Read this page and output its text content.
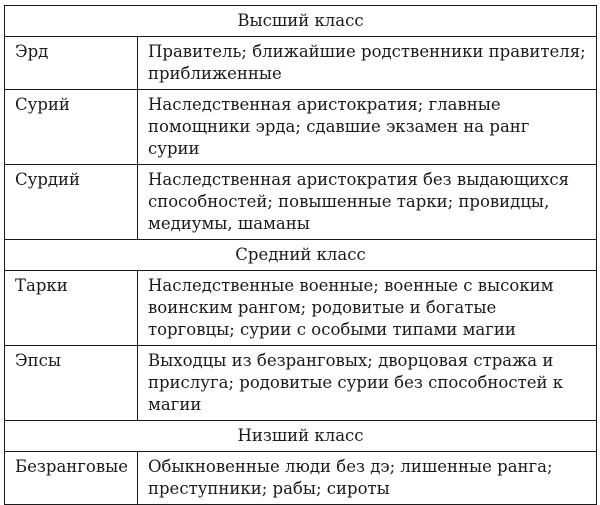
Высший класс	
Эрд	Правитель; ближайшие родственники правителя; приближенные
Сурий	Наследственная аристократия; главные помощники эрда; сдавшие экзамен на ранг сурии
Сурдий	Наследственная аристократия без выдающихся способностей; повышенные тарки; провидцы, медиумы, шаманы
Средний класс	
Тарки	Наследственные военные; военные с высоким воинским рангом; родовитые и богатые торговцы; сурии с особыми типами магии
Эпсы	Выходцы из безранговых; дворцовая стража и прислуга; родовитые сурии без способностей к магии
Низший класс	
Безранговые	Обыкновенные люди без дэ; лишенные ранга; преступники; рабы; сироты
